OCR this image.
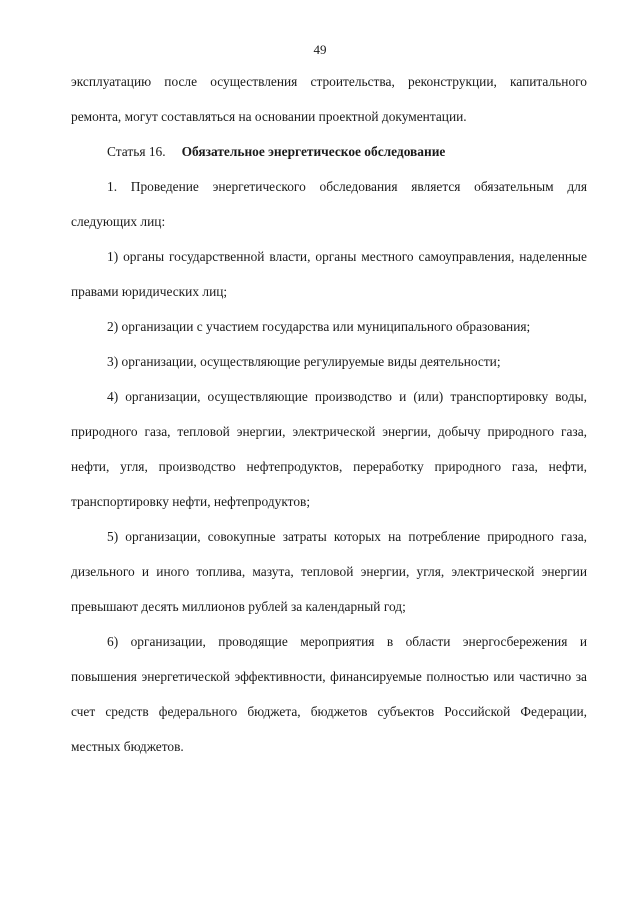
49

эксплуатацию после осуществления строительства, реконструкции, капитального ремонта, могут составляться на основании проектной документации.

Статья 16. Обязательное энергетическое обследование

1. Проведение энергетического обследования является обязательным для следующих лиц:

1) органы государственной власти, органы местного самоуправления, наделенные правами юридических лиц;

2) организации с участием государства или муниципального образования;

3) организации, осуществляющие регулируемые виды деятельности;

4) организации, осуществляющие производство и (или) транспортировку воды, природного газа, тепловой энергии, электрической энергии, добычу природного газа, нефти, угля, производство нефтепродуктов, переработку природного газа, нефти, транспортировку нефти, нефтепродуктов;

5) организации, совокупные затраты которых на потребление природного газа, дизельного и иного топлива, мазута, тепловой энергии, угля, электрической энергии превышают десять миллионов рублей за календарный год;

6) организации, проводящие мероприятия в области энергосбережения и повышения энергетической эффективности, финансируемые полностью или частично за счет средств федерального бюджета, бюджетов субъектов Российской Федерации, местных бюджетов.
